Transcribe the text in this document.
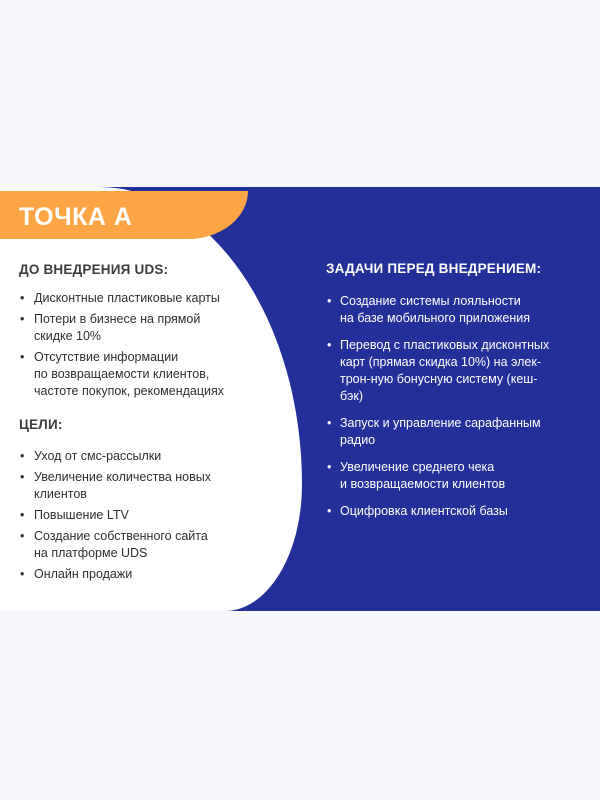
ТОЧКА А
ДО ВНЕДРЕНИЯ UDS:
• Дисконтные пластиковые карты
• Потери в бизнесе на прямой
скидке 10%
• Отсутствие информации
по возвращаемости клиентов,
частоте покупок, рекомендациях
ЦЕЛИ:
• Уход от смс-рассылки
• Увеличение количества новых
клиентов
• Повышение LTV
• Создание собственного сайта
на платформе UDS
• Онлайн продажи
ЗАДАЧИ ПЕРЕД ВНЕДРЕНИЕМ:
• Создание системы лояльности
на базе мобильного приложения
• Перевод с пластиковых дисконтных
карт (прямая скидка 10%) на элек-
трон-ную бонусную систему (кеш-
бэк)
• Запуск и управление сарафанным
радио
• Увеличение среднего чека
и возвращаемости клиентов
• Оцифровка клиентской базы
